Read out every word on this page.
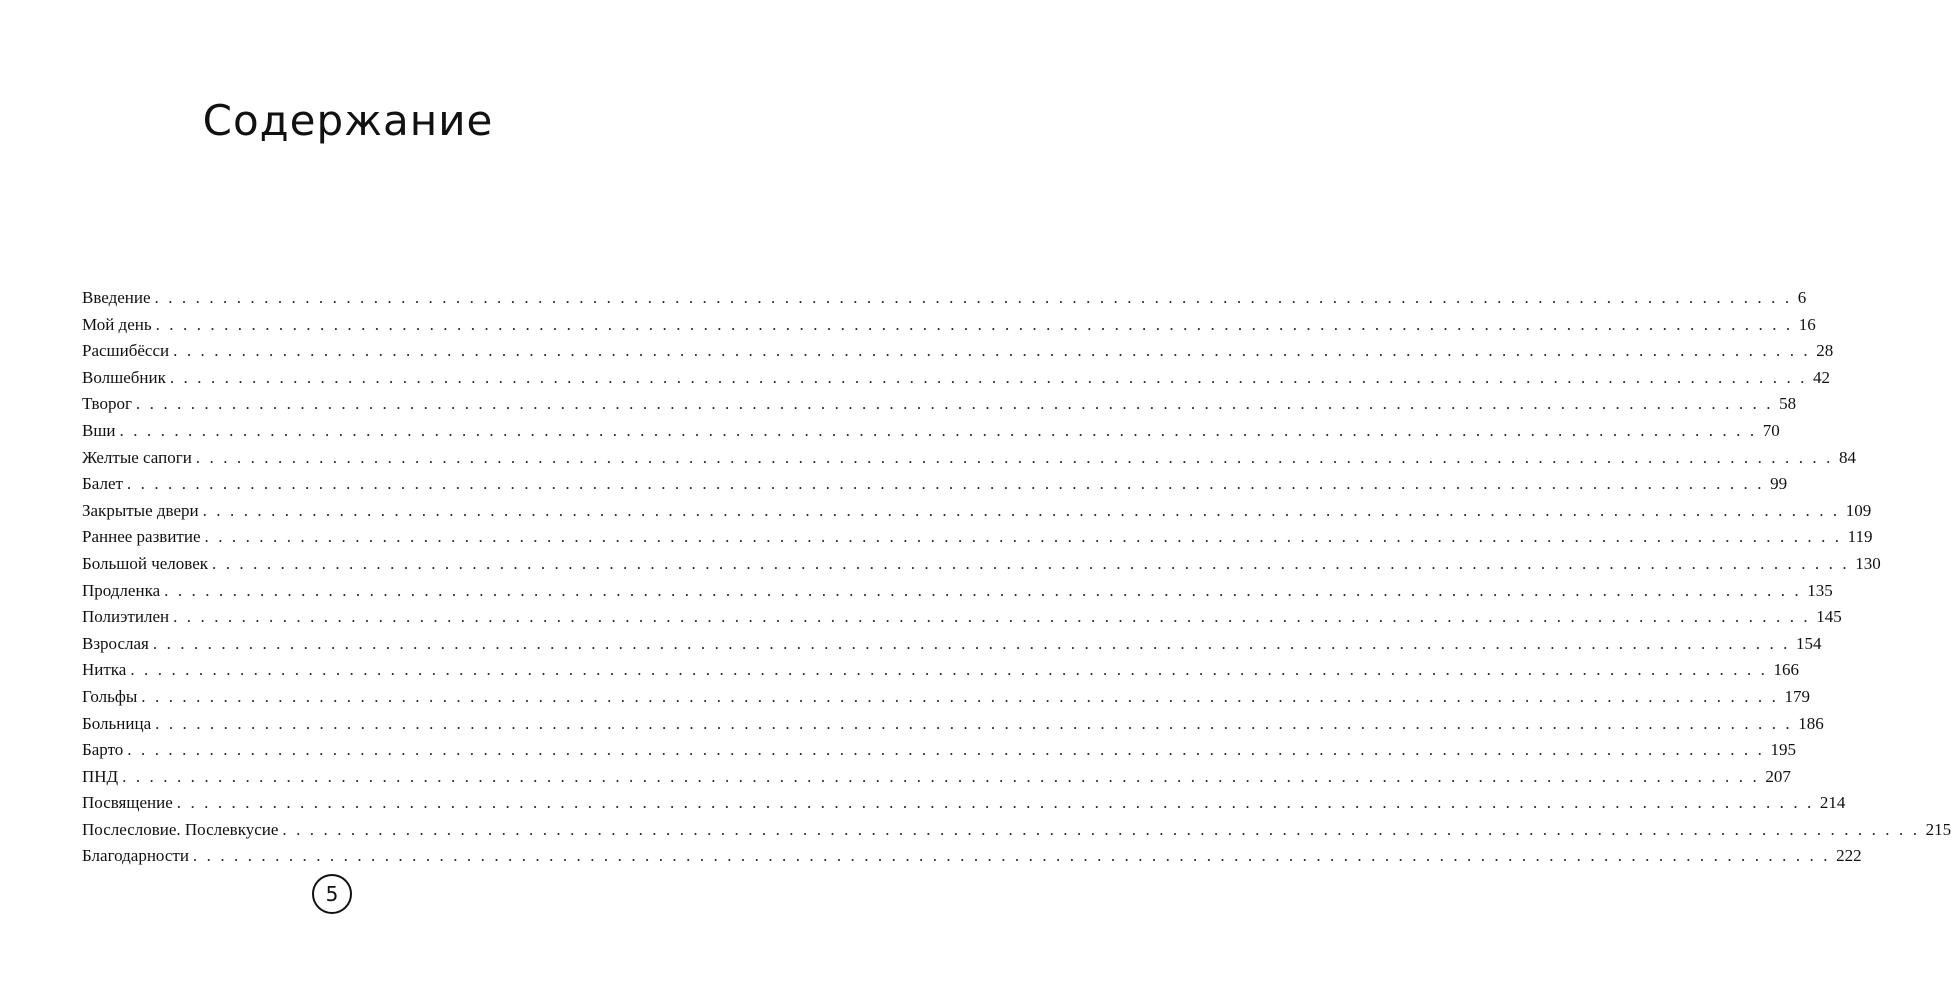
Содержание
Введение . . . . . . . . . . . . . . . . . . . . . . . . . . . . . . . . . . . . . . . . . . . . . . . . . . . . . . . . . . . . . . . . . . . . . . . . . . . . . . . . . . . . . . . . . . . . . . . . . . . . . . . . . . . . . . . . . . . . . . . . 6
Мой день . . . . . . . . . . . . . . . . . . . . . . . . . . . . . . . . . . . . . . . . . . . . . . . . . . . . . . . . . . . . . . . . . . . . . . . . . . . . . . . . . . . . . . . . . . . . . . . . . . . . . . . . . . . . . . . . . . . . . . . . 16
Расшибёсси . . . . . . . . . . . . . . . . . . . . . . . . . . . . . . . . . . . . . . . . . . . . . . . . . . . . . . . . . . . . . . . . . . . . . . . . . . . . . . . . . . . . . . . . . . . . . . . . . . . . . . . . . . . . . . . . . . . . . . . . 28
Волшебник . . . . . . . . . . . . . . . . . . . . . . . . . . . . . . . . . . . . . . . . . . . . . . . . . . . . . . . . . . . . . . . . . . . . . . . . . . . . . . . . . . . . . . . . . . . . . . . . . . . . . . . . . . . . . . . . . . . . . . . . 42
Творог . . . . . . . . . . . . . . . . . . . . . . . . . . . . . . . . . . . . . . . . . . . . . . . . . . . . . . . . . . . . . . . . . . . . . . . . . . . . . . . . . . . . . . . . . . . . . . . . . . . . . . . . . . . . . . . . . . . . . . . . 58
Вши . . . . . . . . . . . . . . . . . . . . . . . . . . . . . . . . . . . . . . . . . . . . . . . . . . . . . . . . . . . . . . . . . . . . . . . . . . . . . . . . . . . . . . . . . . . . . . . . . . . . . . . . . . . . . . . . . . . . . . . . 70
Желтые сапоги . . . . . . . . . . . . . . . . . . . . . . . . . . . . . . . . . . . . . . . . . . . . . . . . . . . . . . . . . . . . . . . . . . . . . . . . . . . . . . . . . . . . . . . . . . . . . . . . . . . . . . . . . . . . . . . . . . . . . . . . 84
Балет . . . . . . . . . . . . . . . . . . . . . . . . . . . . . . . . . . . . . . . . . . . . . . . . . . . . . . . . . . . . . . . . . . . . . . . . . . . . . . . . . . . . . . . . . . . . . . . . . . . . . . . . . . . . . . . . . . . . . . . . 99
Закрытые двери . . . . . . . . . . . . . . . . . . . . . . . . . . . . . . . . . . . . . . . . . . . . . . . . . . . . . . . . . . . . . . . . . . . . . . . . . . . . . . . . . . . . . . . . . . . . . . . . . . . . . . . . . . . . . . . . . . . . . . . . 109
Раннее развитие . . . . . . . . . . . . . . . . . . . . . . . . . . . . . . . . . . . . . . . . . . . . . . . . . . . . . . . . . . . . . . . . . . . . . . . . . . . . . . . . . . . . . . . . . . . . . . . . . . . . . . . . . . . . . . . . . . . . . . . . 119
Большой человек . . . . . . . . . . . . . . . . . . . . . . . . . . . . . . . . . . . . . . . . . . . . . . . . . . . . . . . . . . . . . . . . . . . . . . . . . . . . . . . . . . . . . . . . . . . . . . . . . . . . . . . . . . . . . . . . . . . . . . . . 130
Продленка . . . . . . . . . . . . . . . . . . . . . . . . . . . . . . . . . . . . . . . . . . . . . . . . . . . . . . . . . . . . . . . . . . . . . . . . . . . . . . . . . . . . . . . . . . . . . . . . . . . . . . . . . . . . . . . . . . . . . . . . 135
Полиэтилен . . . . . . . . . . . . . . . . . . . . . . . . . . . . . . . . . . . . . . . . . . . . . . . . . . . . . . . . . . . . . . . . . . . . . . . . . . . . . . . . . . . . . . . . . . . . . . . . . . . . . . . . . . . . . . . . . . . . . . . . 145
Взрослая . . . . . . . . . . . . . . . . . . . . . . . . . . . . . . . . . . . . . . . . . . . . . . . . . . . . . . . . . . . . . . . . . . . . . . . . . . . . . . . . . . . . . . . . . . . . . . . . . . . . . . . . . . . . . . . . . . . . . . . . 154
Нитка . . . . . . . . . . . . . . . . . . . . . . . . . . . . . . . . . . . . . . . . . . . . . . . . . . . . . . . . . . . . . . . . . . . . . . . . . . . . . . . . . . . . . . . . . . . . . . . . . . . . . . . . . . . . . . . . . . . . . . . . 166
Гольфы . . . . . . . . . . . . . . . . . . . . . . . . . . . . . . . . . . . . . . . . . . . . . . . . . . . . . . . . . . . . . . . . . . . . . . . . . . . . . . . . . . . . . . . . . . . . . . . . . . . . . . . . . . . . . . . . . . . . . . . . 179
Больница . . . . . . . . . . . . . . . . . . . . . . . . . . . . . . . . . . . . . . . . . . . . . . . . . . . . . . . . . . . . . . . . . . . . . . . . . . . . . . . . . . . . . . . . . . . . . . . . . . . . . . . . . . . . . . . . . . . . . . . . 186
Барто . . . . . . . . . . . . . . . . . . . . . . . . . . . . . . . . . . . . . . . . . . . . . . . . . . . . . . . . . . . . . . . . . . . . . . . . . . . . . . . . . . . . . . . . . . . . . . . . . . . . . . . . . . . . . . . . . . . . . . . . 195
ПНД . . . . . . . . . . . . . . . . . . . . . . . . . . . . . . . . . . . . . . . . . . . . . . . . . . . . . . . . . . . . . . . . . . . . . . . . . . . . . . . . . . . . . . . . . . . . . . . . . . . . . . . . . . . . . . . . . . . . . . . . 207
Посвящение . . . . . . . . . . . . . . . . . . . . . . . . . . . . . . . . . . . . . . . . . . . . . . . . . . . . . . . . . . . . . . . . . . . . . . . . . . . . . . . . . . . . . . . . . . . . . . . . . . . . . . . . . . . . . . . . . . . . . . . . 214
Послесловие. Послевкусие . . . . . . . . . . . . . . . . . . . . . . . . . . . . . . . . . . . . . . . . . . . . . . . . . . . . . . . . . . . . . . . . . . . . . . . . . . . . . . . . . . . . . . . . . . . . . . . . . . . . . . . . . . . . . . . . . . . . . . . . 215
Благодарности . . . . . . . . . . . . . . . . . . . . . . . . . . . . . . . . . . . . . . . . . . . . . . . . . . . . . . . . . . . . . . . . . . . . . . . . . . . . . . . . . . . . . . . . . . . . . . . . . . . . . . . . . . . . . . . . . . . . . . . . 222
5
